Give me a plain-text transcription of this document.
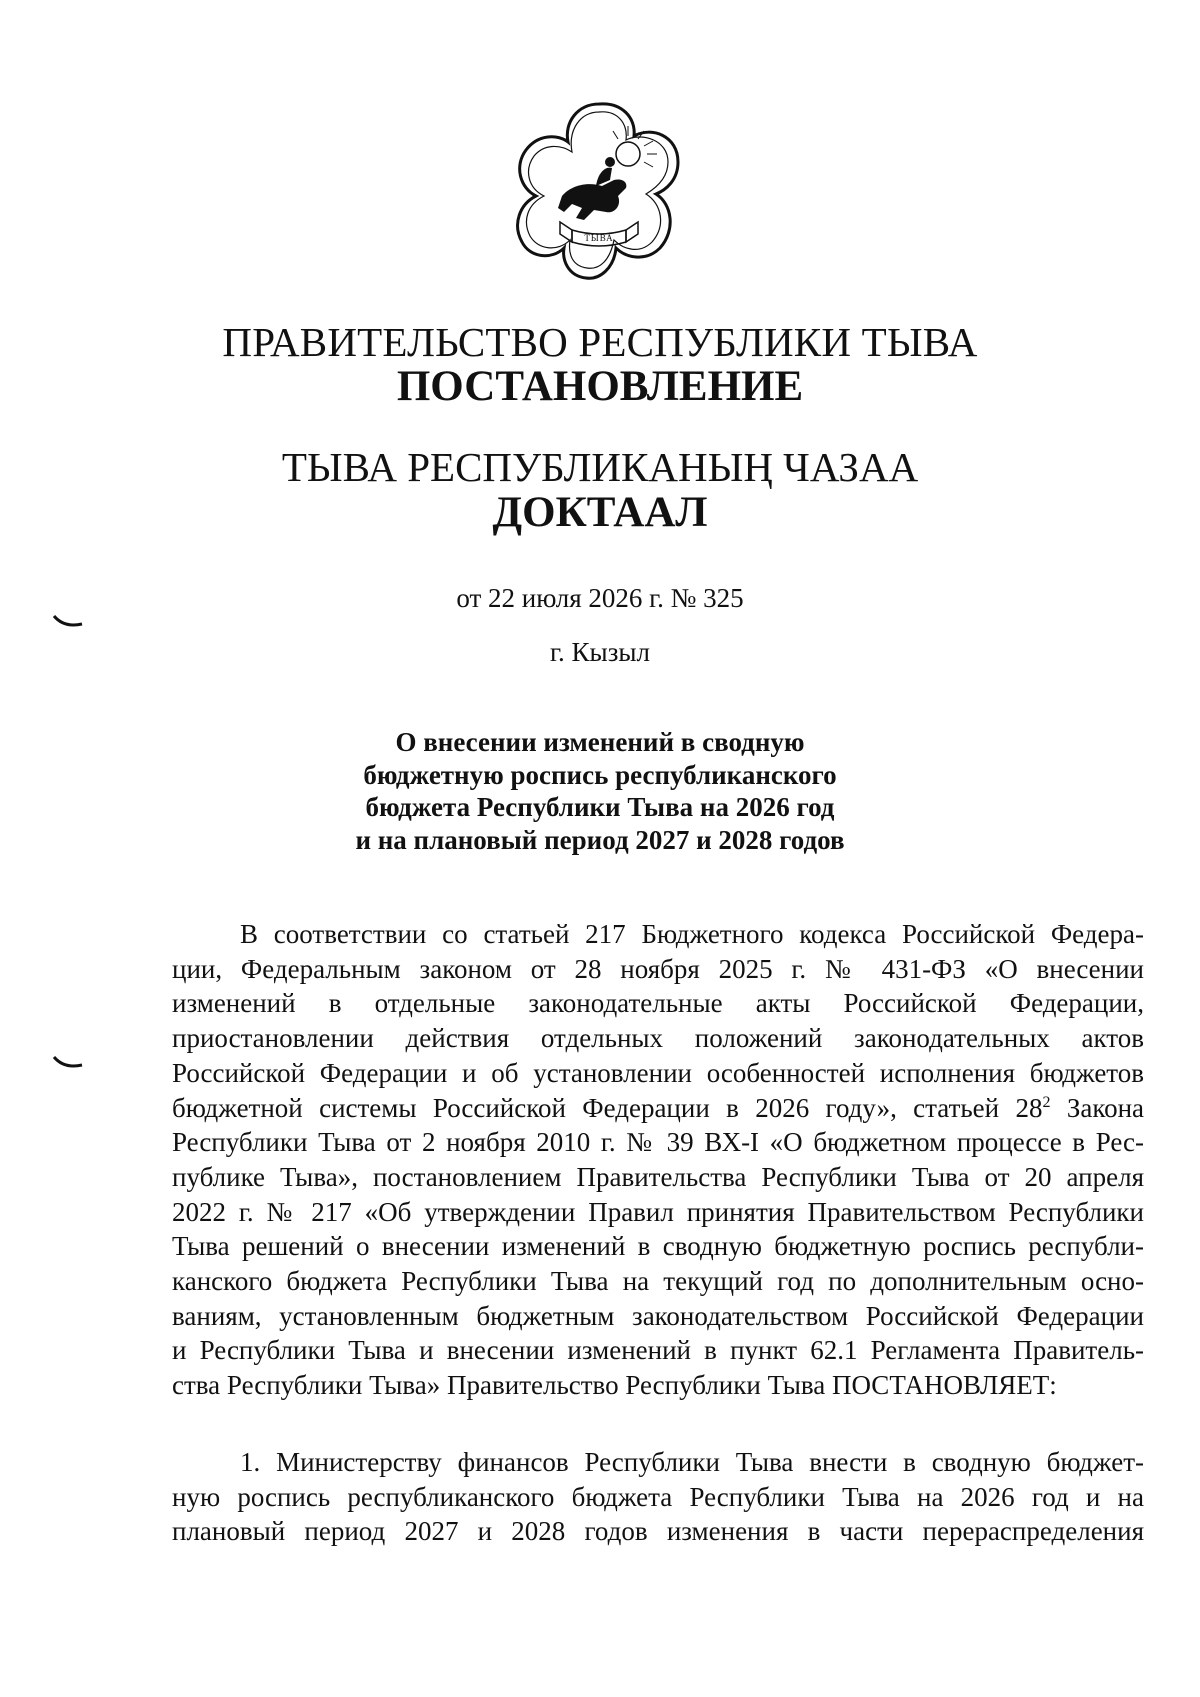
ТЫВА
ПРАВИТЕЛЬСТВО РЕСПУБЛИКИ ТЫВА
ПОСТАНОВЛЕНИЕ
ТЫВА РЕСПУБЛИКАНЫҢ ЧАЗАА
ДОКТААЛ
от 22 июля 2026 г. № 325
г. Кызыл
О внесении изменений в сводную
бюджетную роспись республиканского
бюджета Республики Тыва на 2026 год
и на плановый период 2027 и 2028 годов
В соответствии со статьей 217 Бюджетного кодекса Российской Федера-
ции, Федеральным законом от 28 ноября 2025 г. № 431-ФЗ «О внесении
изменений в отдельные законодательные акты Российской Федерации,
приостановлении действия отдельных положений законодательных актов
Российской Федерации и об установлении особенностей исполнения бюджетов
бюджетной системы Российской Федерации в 2026 году», статьей $28^2$ Закона
Республики Тыва от 2 ноября 2010 г. № 39 ВХ-I «О бюджетном процессе в Рес-
публике Тыва», постановлением Правительства Республики Тыва от 20 апреля
2022 г. № 217 «Об утверждении Правил принятия Правительством Республики
Тыва решений о внесении изменений в сводную бюджетную роспись республи-
канского бюджета Республики Тыва на текущий год по дополнительным осно-
ваниям, установленным бюджетным законодательством Российской Федерации
и Республики Тыва и внесении изменений в пункт 62.1 Регламента Правитель-
ства Республики Тыва» Правительство Республики Тыва ПОСТАНОВЛЯЕТ:
1. Министерству финансов Республики Тыва внести в сводную бюджет-
ную роспись республиканского бюджета Республики Тыва на 2026 год и на
плановый период 2027 и 2028 годов изменения в части перераспределения
